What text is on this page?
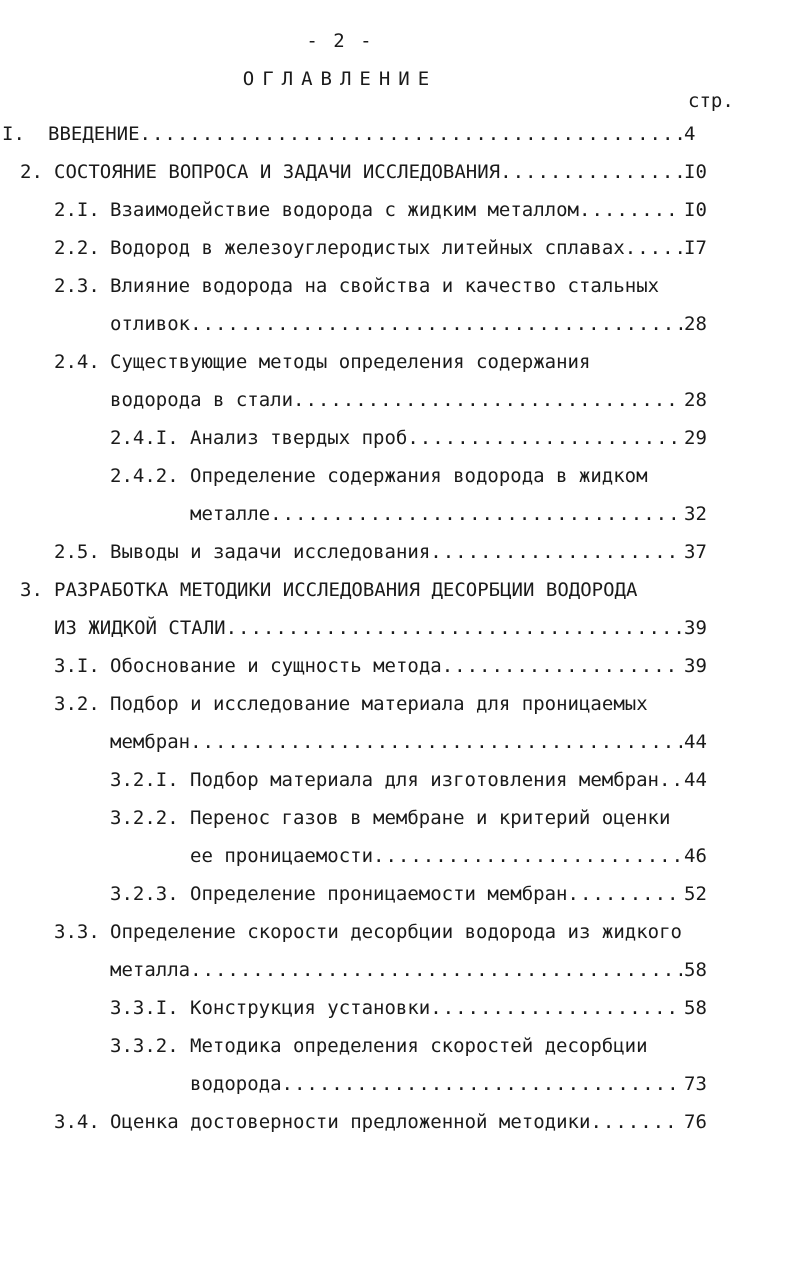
- 2 -
ОГЛАВЛЕНИЕ
стр.
I. ВВЕДЕНИЕ .....	4
2. СОСТОЯНИЕ ВОПРОСА И ЗАДАЧИ ИССЛЕДОВАНИЯ .....	I0
2.I. Взаимодействие водорода с жидким металлом .....	I0
2.2. Водород в железоуглеродистых литейных сплавах .....	I7
2.3. Влияние водорода на свойства и качество стальных
отливок .....	28
2.4. Существующие методы определения содержания
водорода в стали .....	28
2.4.I. Анализ твердых проб .....	29
2.4.2. Определение содержания водорода в жидком
металле .....	32
2.5. Выводы и задачи исследования .....	37
3. РАЗРАБОТКА МЕТОДИКИ ИССЛЕДОВАНИЯ ДЕСОРБЦИИ ВОДОРОДА
ИЗ ЖИДКОЙ СТАЛИ .....	39
3.I. Обоснование и сущность метода .....	39
3.2. Подбор и исследование материала для проницаемых
мембран .....	44
3.2.I. Подбор материала для изготовления мембран ..... 44
3.2.2. Перенос газов в мембране и критерий оценки
ее проницаемости .....	46
3.2.3. Определение проницаемости мембран .....	52
3.3. Определение скорости десорбции водорода из жидкого
металла .....	58
3.3.I. Конструкция установки .....	58
3.3.2. Методика определения скоростей десорбции
водорода .....	73
3.4. Оценка достоверности предложенной методики .....	76
